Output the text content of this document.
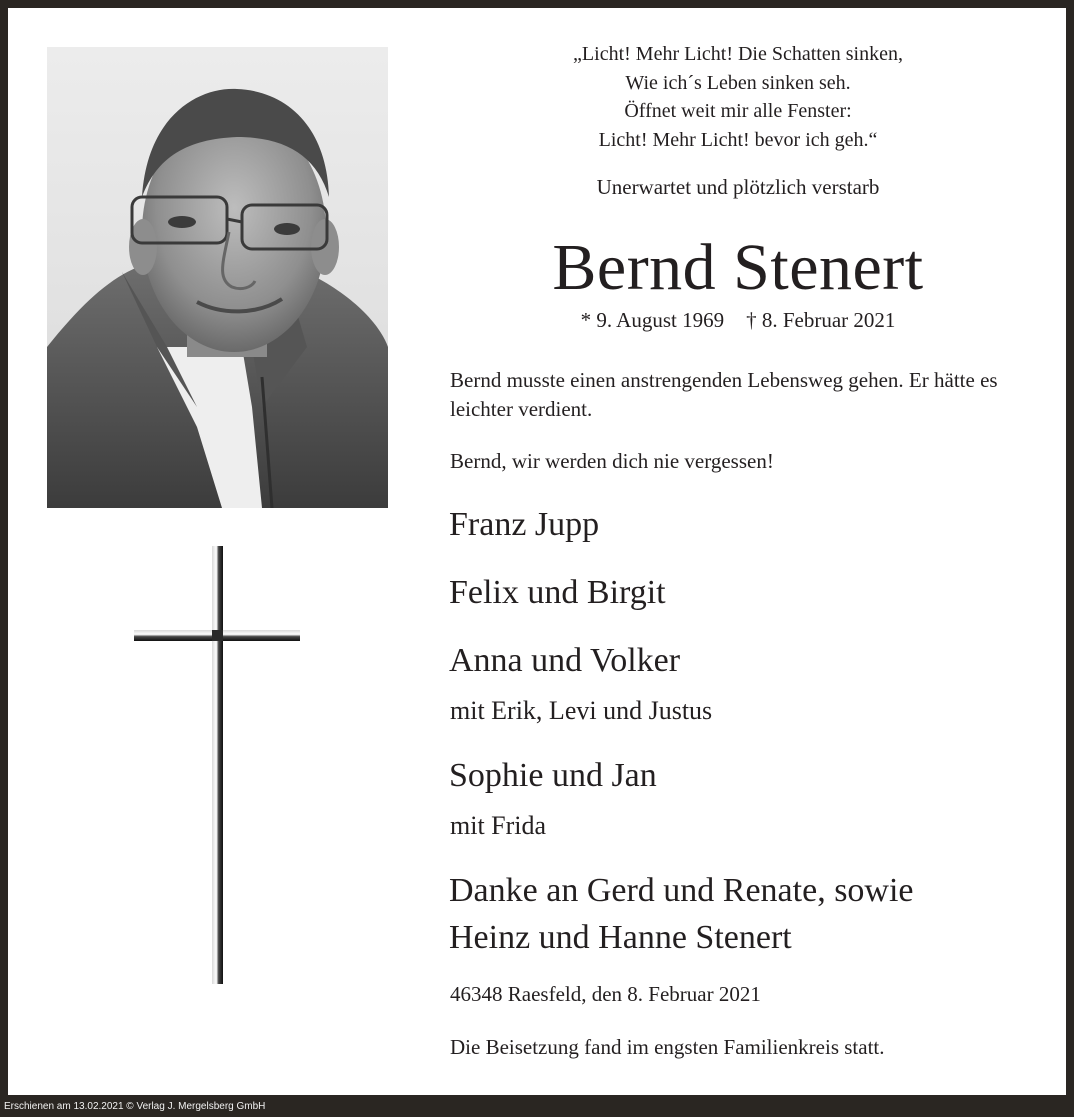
„Licht! Mehr Licht! Die Schatten sinken,
Wie ich´s Leben sinken seh.
Öffnet weit mir alle Fenster:
Licht! Mehr Licht! bevor ich geh.“
Unerwartet und plötzlich verstarb
Bernd Stenert
* 9. August 1969 † 8. Februar 2021
Bernd musste einen anstrengenden Lebensweg gehen. Er hätte es leichter verdient.
Bernd, wir werden dich nie vergessen!
Franz Jupp
Felix und Birgit
Anna und Volker
mit Erik, Levi und Justus
Sophie und Jan
mit Frida
Danke an Gerd und Renate, sowie
Heinz und Hanne Stenert
46348 Raesfeld, den 8. Februar 2021
Die Beisetzung fand im engsten Familienkreis statt.
Erschienen am 13.02.2021 © Verlag J. Mergelsberg GmbH
